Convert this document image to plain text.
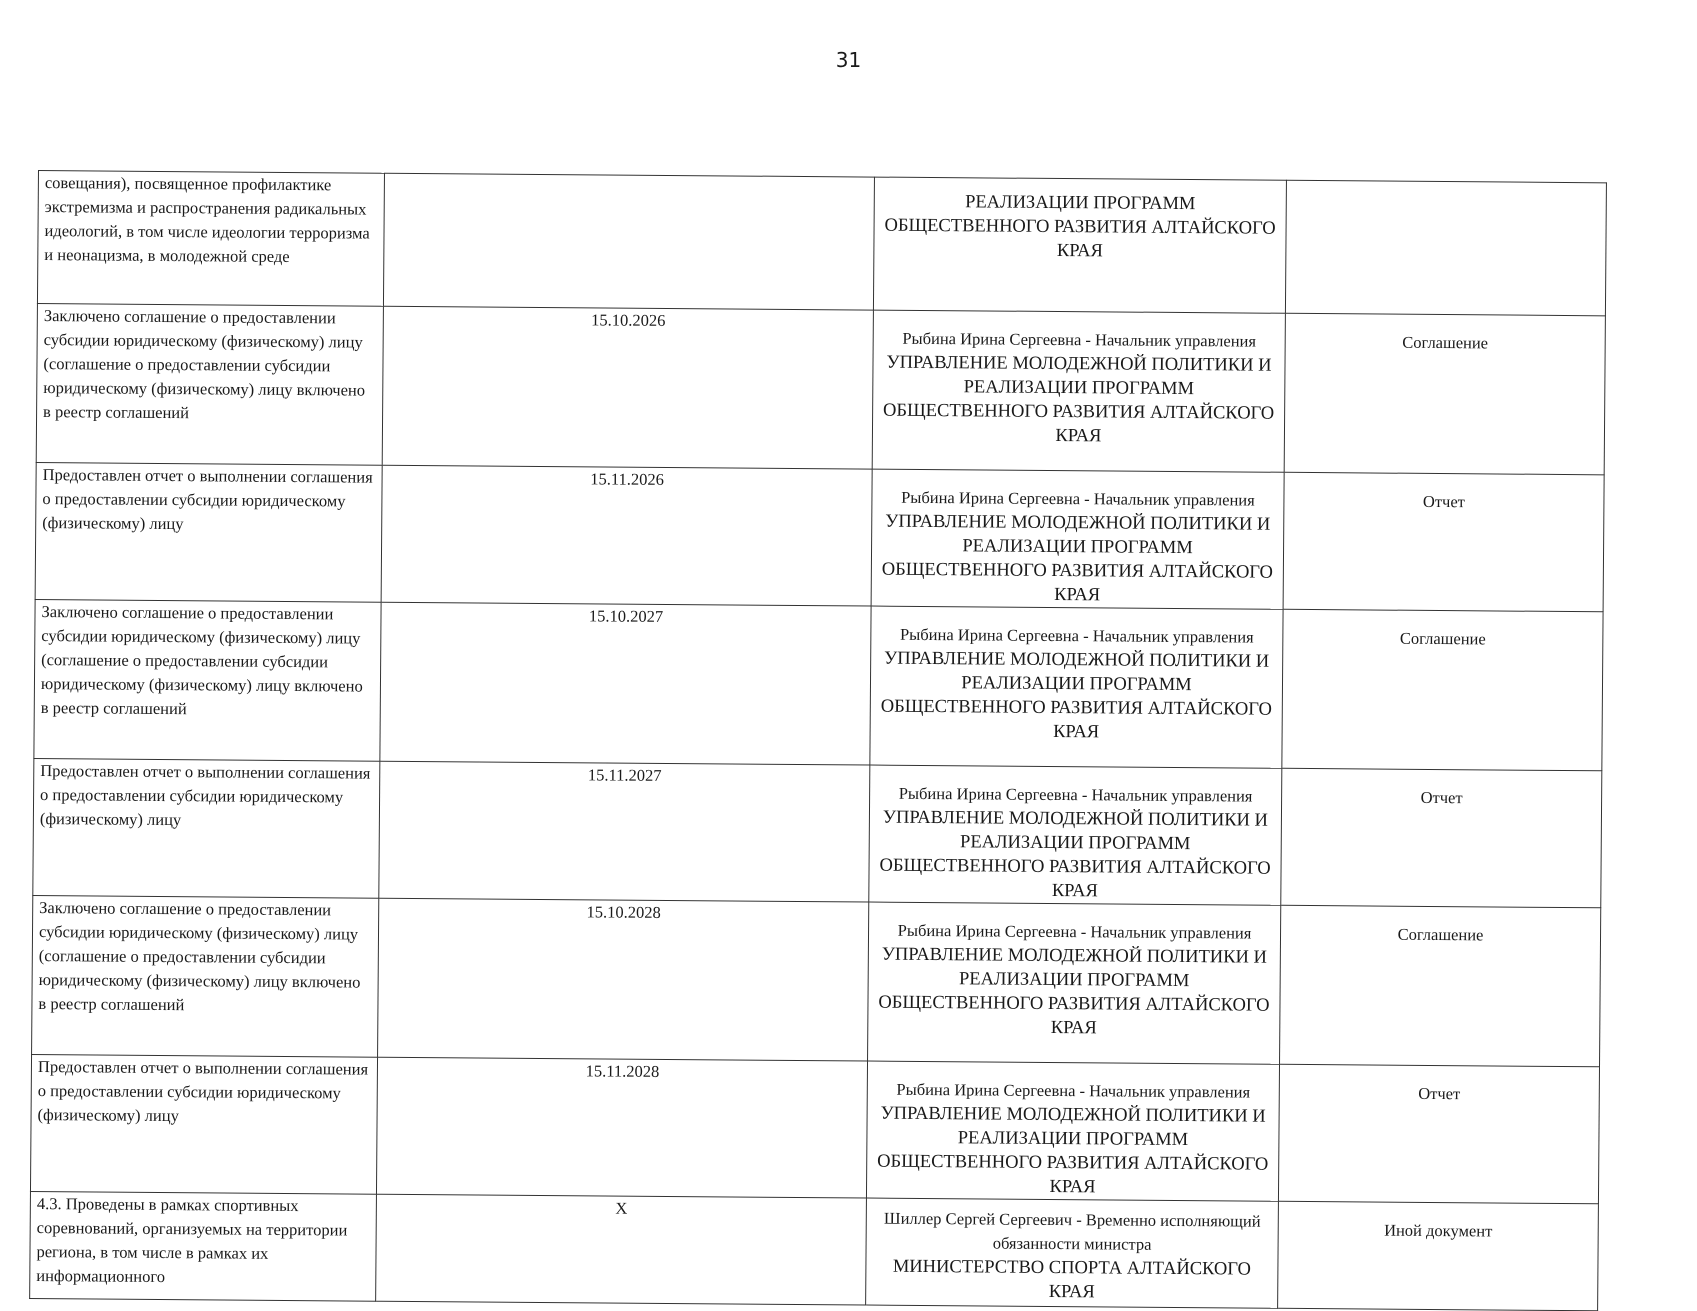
31
совещания), посвященное профилактике экстремизма и распространения радикальных идеологий, в том числе идеологии терроризма и неонацизма, в молодежной среде		РЕАЛИЗАЦИИ ПРОГРАММ ОБЩЕСТВЕННОГО РАЗВИТИЯ АЛТАЙСКОГО КРАЯ	

Заключено соглашение о предоставлении субсидии юридическому (физическому) лицу (соглашение о предоставлении субсидии юридическому (физическому) лицу включено в реестр соглашений	15.10.2026	Рыбина Ирина Сергеевна - Начальник управления
УПРАВЛЕНИЕ МОЛОДЕЖНОЙ ПОЛИТИКИ И РЕАЛИЗАЦИИ ПРОГРАММ ОБЩЕСТВЕННОГО РАЗВИТИЯ АЛТАЙСКОГО КРАЯ	Соглашение
Предоставлен отчет о выполнении соглашения о предоставлении субсидии юридическому (физическому) лицу	15.11.2026	Рыбина Ирина Сергеевна - Начальник управления
УПРАВЛЕНИЕ МОЛОДЕЖНОЙ ПОЛИТИКИ И РЕАЛИЗАЦИИ ПРОГРАММ ОБЩЕСТВЕННОГО РАЗВИТИЯ АЛТАЙСКОГО КРАЯ	Отчет
Заключено соглашение о предоставлении субсидии юридическому (физическому) лицу (соглашение о предоставлении субсидии юридическому (физическому) лицу включено в реестр соглашений	15.10.2027	Рыбина Ирина Сергеевна - Начальник управления
УПРАВЛЕНИЕ МОЛОДЕЖНОЙ ПОЛИТИКИ И РЕАЛИЗАЦИИ ПРОГРАММ ОБЩЕСТВЕННОГО РАЗВИТИЯ АЛТАЙСКОГО КРАЯ	Соглашение
Предоставлен отчет о выполнении соглашения о предоставлении субсидии юридическому (физическому) лицу	15.11.2027	Рыбина Ирина Сергеевна - Начальник управления
УПРАВЛЕНИЕ МОЛОДЕЖНОЙ ПОЛИТИКИ И РЕАЛИЗАЦИИ ПРОГРАММ ОБЩЕСТВЕННОГО РАЗВИТИЯ АЛТАЙСКОГО КРАЯ	Отчет
Заключено соглашение о предоставлении субсидии юридическому (физическому) лицу (соглашение о предоставлении субсидии юридическому (физическому) лицу включено в реестр соглашений	15.10.2028	Рыбина Ирина Сергеевна - Начальник управления
УПРАВЛЕНИЕ МОЛОДЕЖНОЙ ПОЛИТИКИ И РЕАЛИЗАЦИИ ПРОГРАММ ОБЩЕСТВЕННОГО РАЗВИТИЯ АЛТАЙСКОГО КРАЯ	Соглашение
Предоставлен отчет о выполнении соглашения о предоставлении субсидии юридическому (физическому) лицу	15.11.2028	Рыбина Ирина Сергеевна - Начальник управления
УПРАВЛЕНИЕ МОЛОДЕЖНОЙ ПОЛИТИКИ И РЕАЛИЗАЦИИ ПРОГРАММ ОБЩЕСТВЕННОГО РАЗВИТИЯ АЛТАЙСКОГО КРАЯ	Отчет
4.3. Проведены в рамках спортивных соревнований, организуемых на территории региона, в том числе в рамках их информационного	X	Шиллер Сергей Сергеевич - Временно исполняющий обязанности министра
МИНИСТЕРСТВО СПОРТА АЛТАЙСКОГО КРАЯ	Иной документ
